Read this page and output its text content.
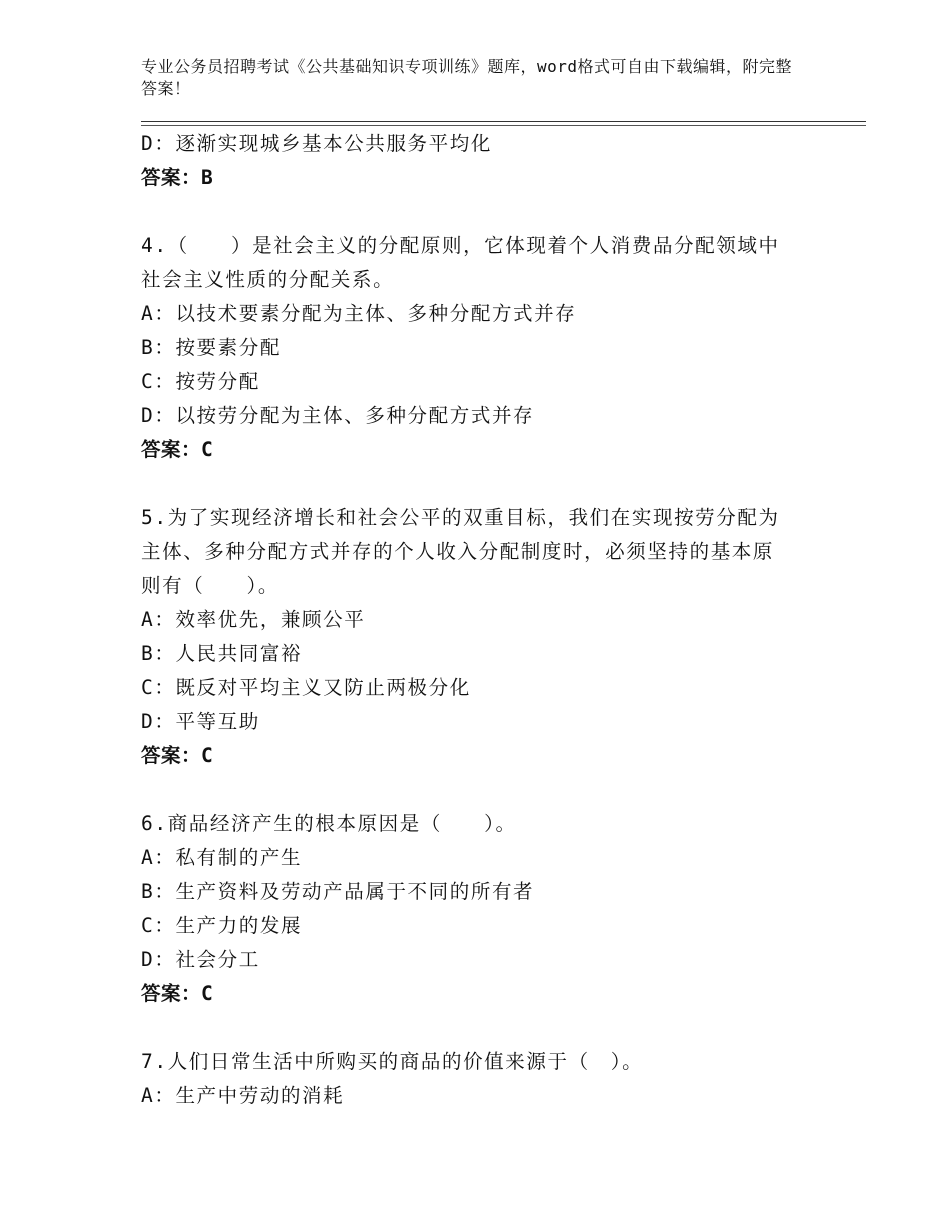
专业公务员招聘考试《公共基础知识专项训练》题库，word格式可自由下载编辑，附完整答案！
D：逐渐实现城乡基本公共服务平均化
答案：B
4.（　　）是社会主义的分配原则，它体现着个人消费品分配领域中
社会主义性质的分配关系。
A：以技术要素分配为主体、多种分配方式并存
B：按要素分配
C：按劳分配
D：以按劳分配为主体、多种分配方式并存
答案：C
5.为了实现经济增长和社会公平的双重目标，我们在实现按劳分配为
主体、多种分配方式并存的个人收入分配制度时，必须坚持的基本原
则有（　　）。
A：效率优先，兼顾公平
B：人民共同富裕
C：既反对平均主义又防止两极分化
D：平等互助
答案：C
6.商品经济产生的根本原因是（　　）。
A：私有制的产生
B：生产资料及劳动产品属于不同的所有者
C：生产力的发展
D：社会分工
答案：C
7.人们日常生活中所购买的商品的价值来源于（　）。
A：生产中劳动的消耗
